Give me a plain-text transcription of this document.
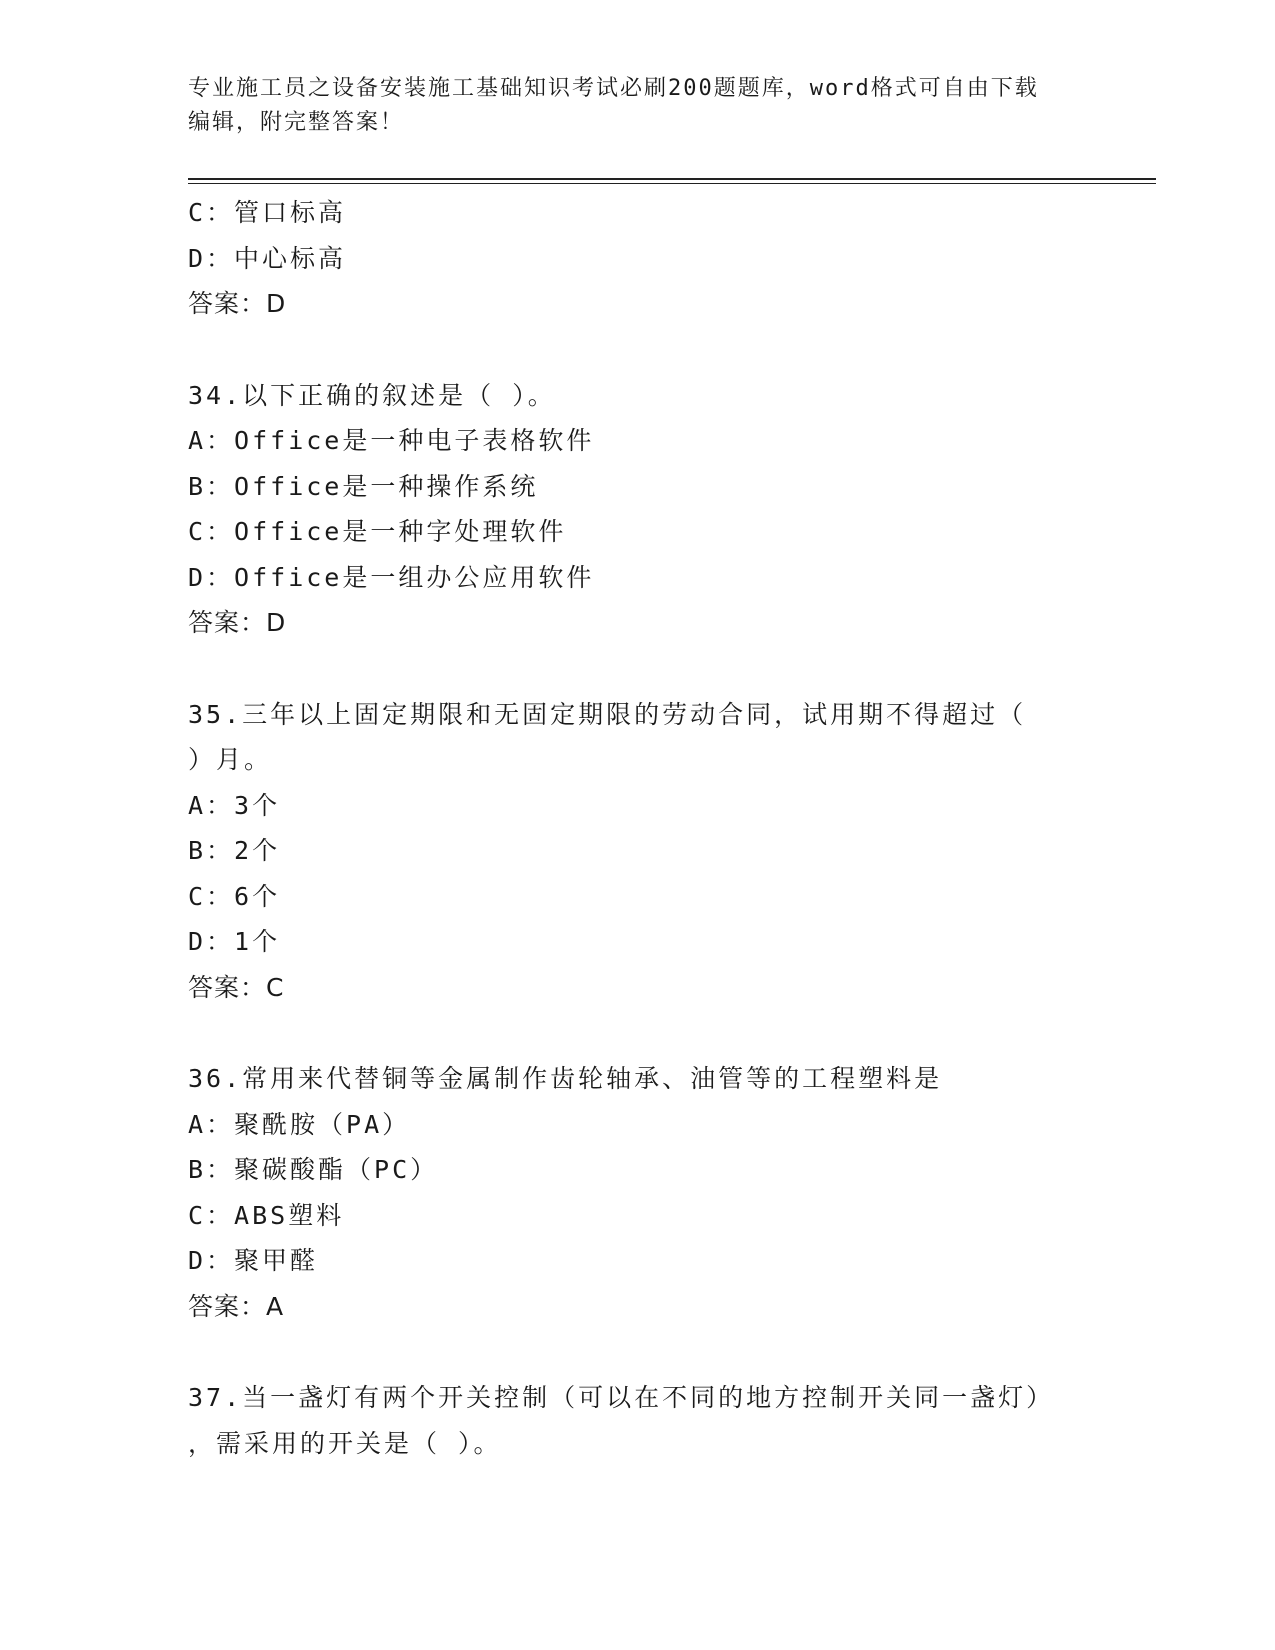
专业施工员之设备安装施工基础知识考试必刷200题题库，word格式可自由下载
编辑，附完整答案！
C：管口标高
D：中心标高
答案：D
34.以下正确的叙述是（ ）。
A：Office是一种电子表格软件
B：Office是一种操作系统
C：Office是一种字处理软件
D：Office是一组办公应用软件
答案：D
35.三年以上固定期限和无固定期限的劳动合同，试用期不得超过（
）月。
A：3个
B：2个
C：6个
D：1个
答案：C
36.常用来代替铜等金属制作齿轮轴承、油管等的工程塑料是
A：聚酰胺（PA）
B：聚碳酸酯（PC）
C：ABS塑料
D：聚甲醛
答案：A
37.当一盏灯有两个开关控制（可以在不同的地方控制开关同一盏灯）
，需采用的开关是（ ）。
